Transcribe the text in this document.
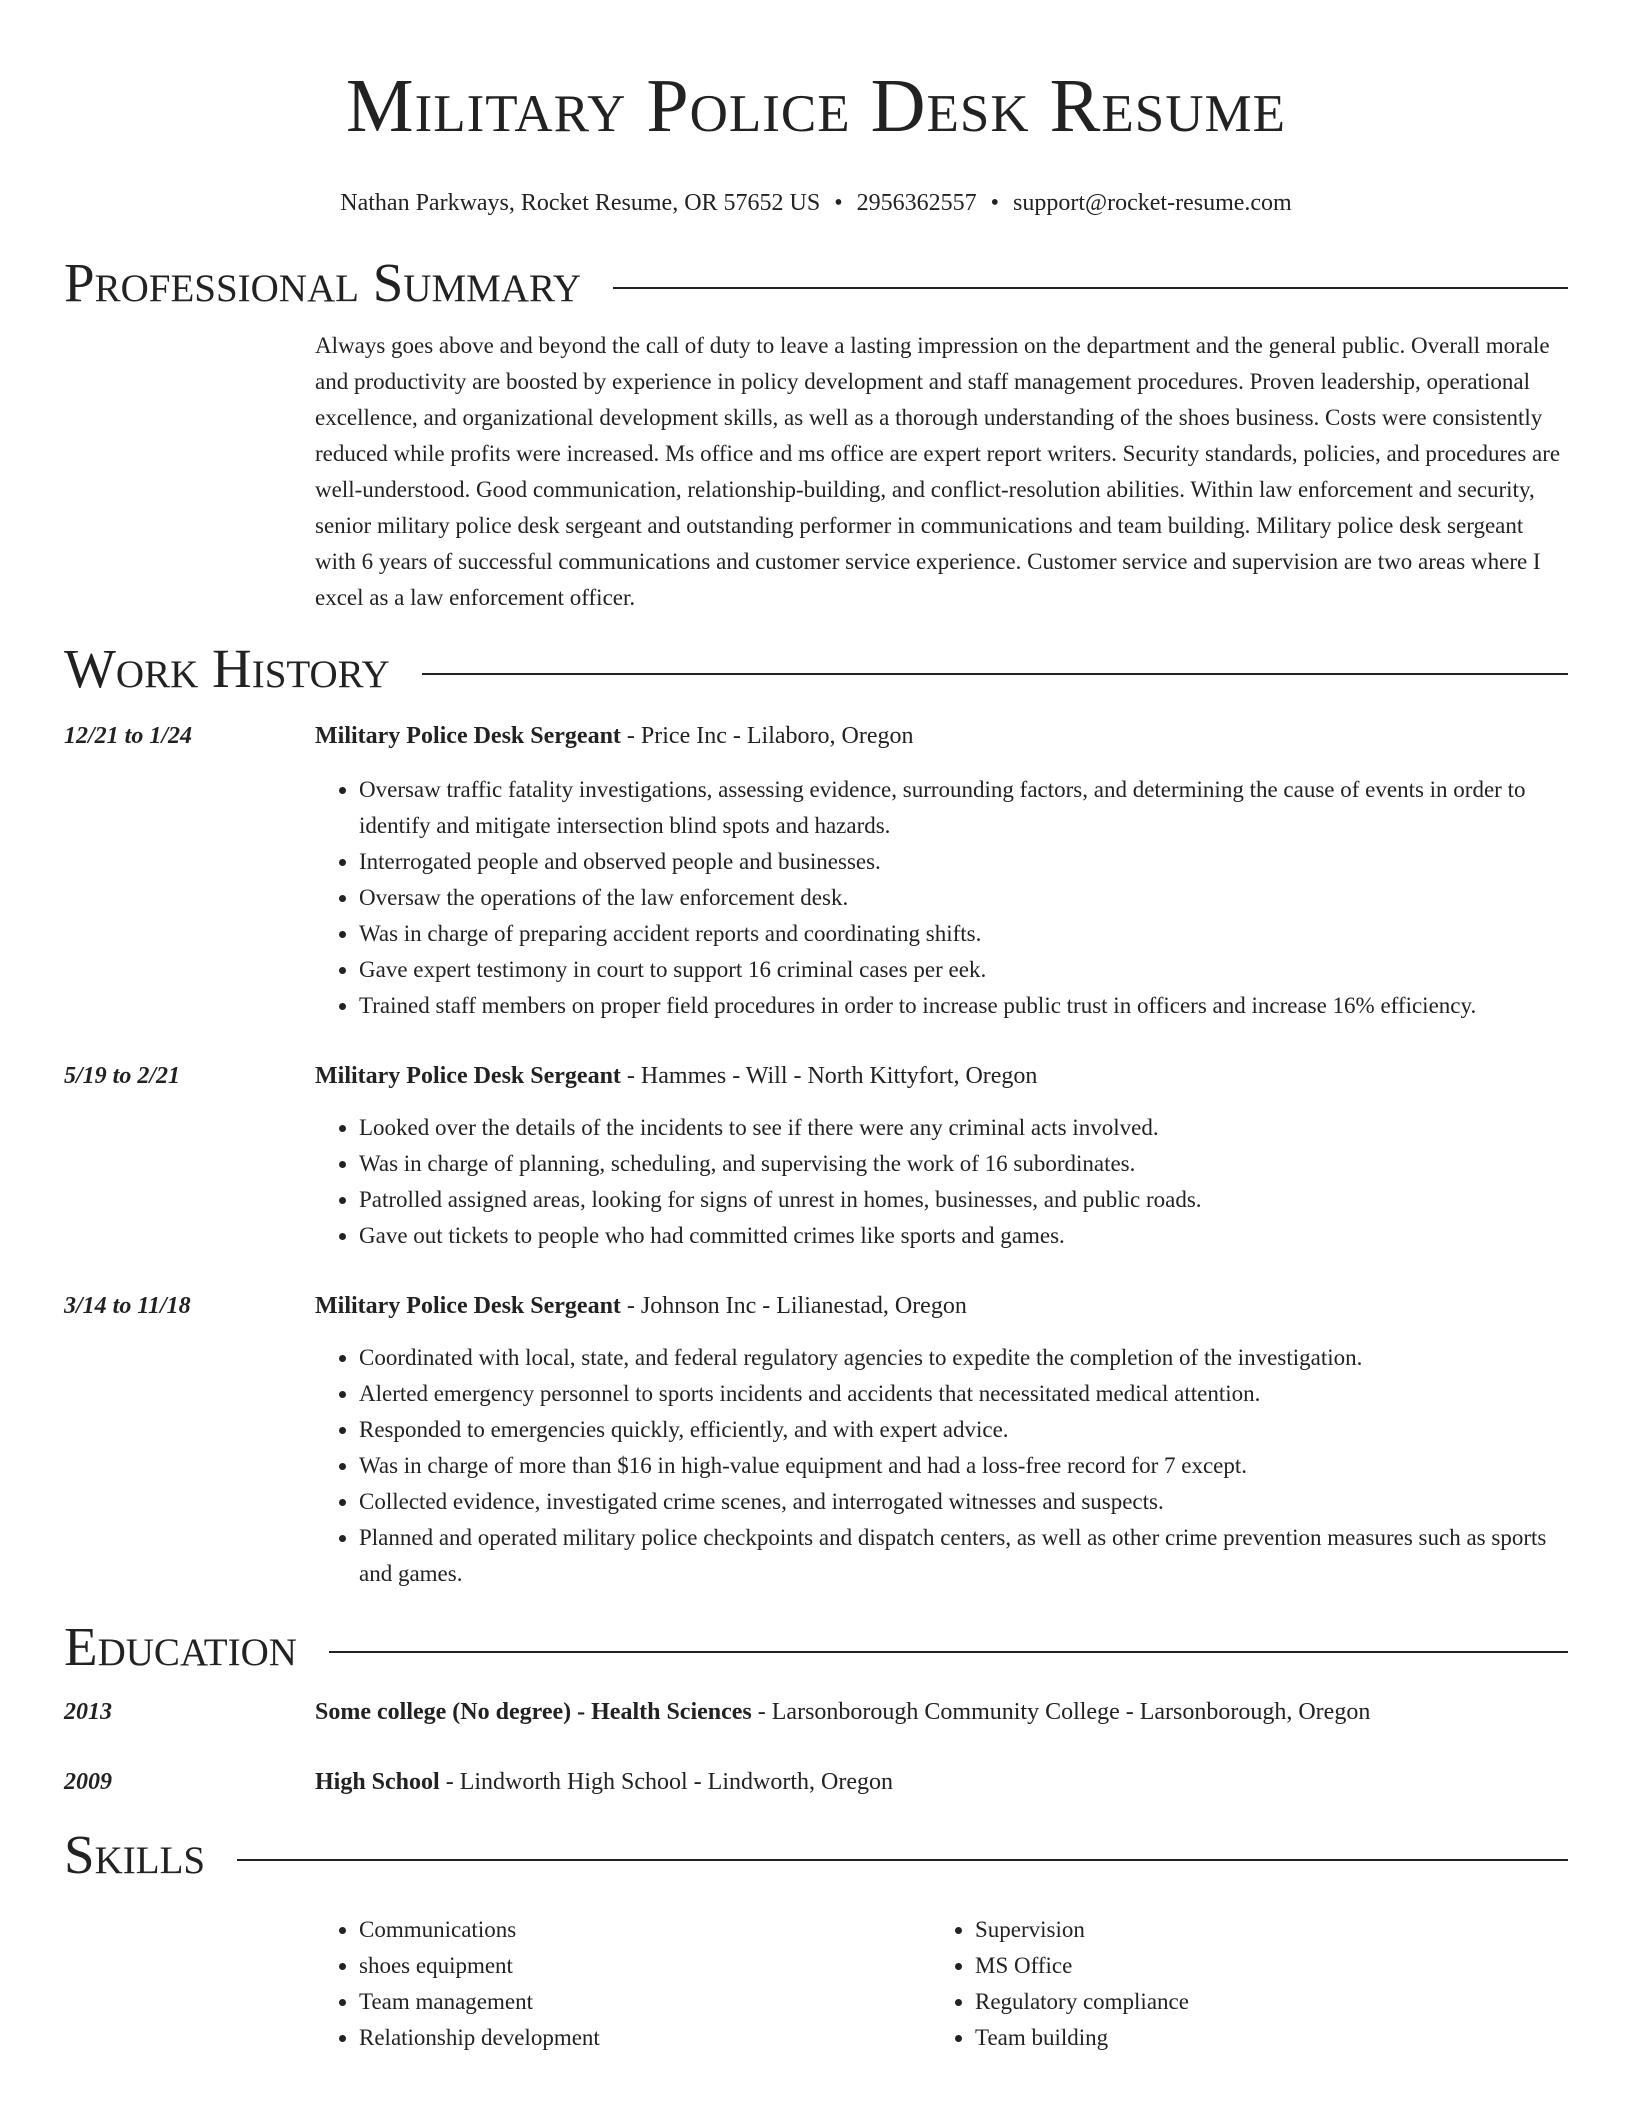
Military Police Desk Resume
Nathan Parkways, Rocket Resume, OR 57652 US • 2956362557 • support@rocket-resume.com
Professional Summary
Always goes above and beyond the call of duty to leave a lasting impression on the department and the general public. Overall morale and productivity are boosted by experience in policy development and staff management procedures. Proven leadership, operational excellence, and organizational development skills, as well as a thorough understanding of the shoes business. Costs were consistently reduced while profits were increased. Ms office and ms office are expert report writers. Security standards, policies, and procedures are well-understood. Good communication, relationship-building, and conflict-resolution abilities. Within law enforcement and security, senior military police desk sergeant and outstanding performer in communications and team building. Military police desk sergeant with 6 years of successful communications and customer service experience. Customer service and supervision are two areas where I excel as a law enforcement officer.
Work History
12/21 to 1/24	Military Police Desk Sergeant - Price Inc - Lilaboro, Oregon
• Oversaw traffic fatality investigations, assessing evidence, surrounding factors, and determining the cause of events in order to identify and mitigate intersection blind spots and hazards.
• Interrogated people and observed people and businesses.
• Oversaw the operations of the law enforcement desk.
• Was in charge of preparing accident reports and coordinating shifts.
• Gave expert testimony in court to support 16 criminal cases per eek.
• Trained staff members on proper field procedures in order to increase public trust in officers and increase 16% efficiency.
5/19 to 2/21	Military Police Desk Sergeant - Hammes - Will - North Kittyfort, Oregon
• Looked over the details of the incidents to see if there were any criminal acts involved.
• Was in charge of planning, scheduling, and supervising the work of 16 subordinates.
• Patrolled assigned areas, looking for signs of unrest in homes, businesses, and public roads.
• Gave out tickets to people who had committed crimes like sports and games.
3/14 to 11/18	Military Police Desk Sergeant - Johnson Inc - Lilianestad, Oregon
• Coordinated with local, state, and federal regulatory agencies to expedite the completion of the investigation.
• Alerted emergency personnel to sports incidents and accidents that necessitated medical attention.
• Responded to emergencies quickly, efficiently, and with expert advice.
• Was in charge of more than $16 in high-value equipment and had a loss-free record for 7 except.
• Collected evidence, investigated crime scenes, and interrogated witnesses and suspects.
• Planned and operated military police checkpoints and dispatch centers, as well as other crime prevention measures such as sports and games.
Education
2013	Some college (No degree) - Health Sciences - Larsonborough Community College - Larsonborough, Oregon
2009	High School - Lindworth High School - Lindworth, Oregon
Skills
• Communications
• shoes equipment
• Team management
• Relationship development
• Supervision
• MS Office
• Regulatory compliance
• Team building
